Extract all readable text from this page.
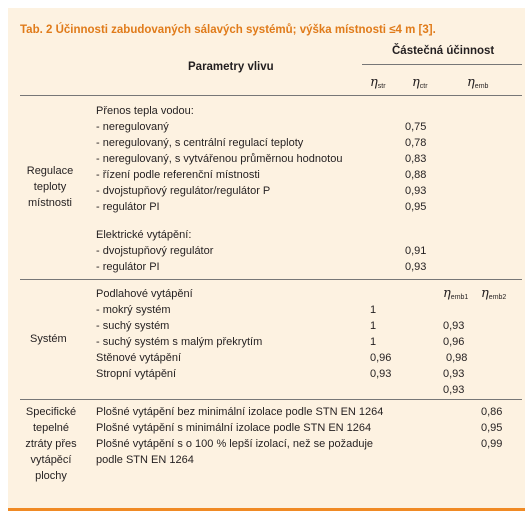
Tab. 2 Účinnosti zabudovaných sálavých systémů; výška místnosti ≤4 m [3].
Parametry vlivu
Částečná účinnost
$\eta_{str}$ $\eta_{ctr}$	$\eta_{emb}$
Regulace
teploty
místnosti
Přenos tepla vodou:
- neregulovaný
- neregulovaný, s centrální regulací teploty
- neregulovaný, s vytvářenou průměrnou hodnotou
- řízení podle referenční místnosti
- dvojstupňový regulátor/regulátor P
- regulátor PI
Elektrické vytápění:
- dvojstupňový regulátor
- regulátor PI
0,75
0,78
0,83
0,88
0,93
0,95
0,91
0,93
Systém
$\eta_{emb1}$ $\eta_{emb2}$
Podlahové vytápění
- mokrý systém
- suchý systém
- suchý systém s malým překrytím
Stěnové vytápění
Stropní vytápění
1
1
1
0,96
0,93
0,93
0,96
0,98
0,93
0,93
Specifické
tepelné
ztráty přes
vytápěcí
plochy
Plošné vytápění bez minimální izolace podle STN EN 1264
Plošné vytápění s minimální izolace podle STN EN 1264
Plošné vytápění s o 100 % lepší izolací, než se požaduje
podle STN EN 1264
0,86
0,95
0,99
